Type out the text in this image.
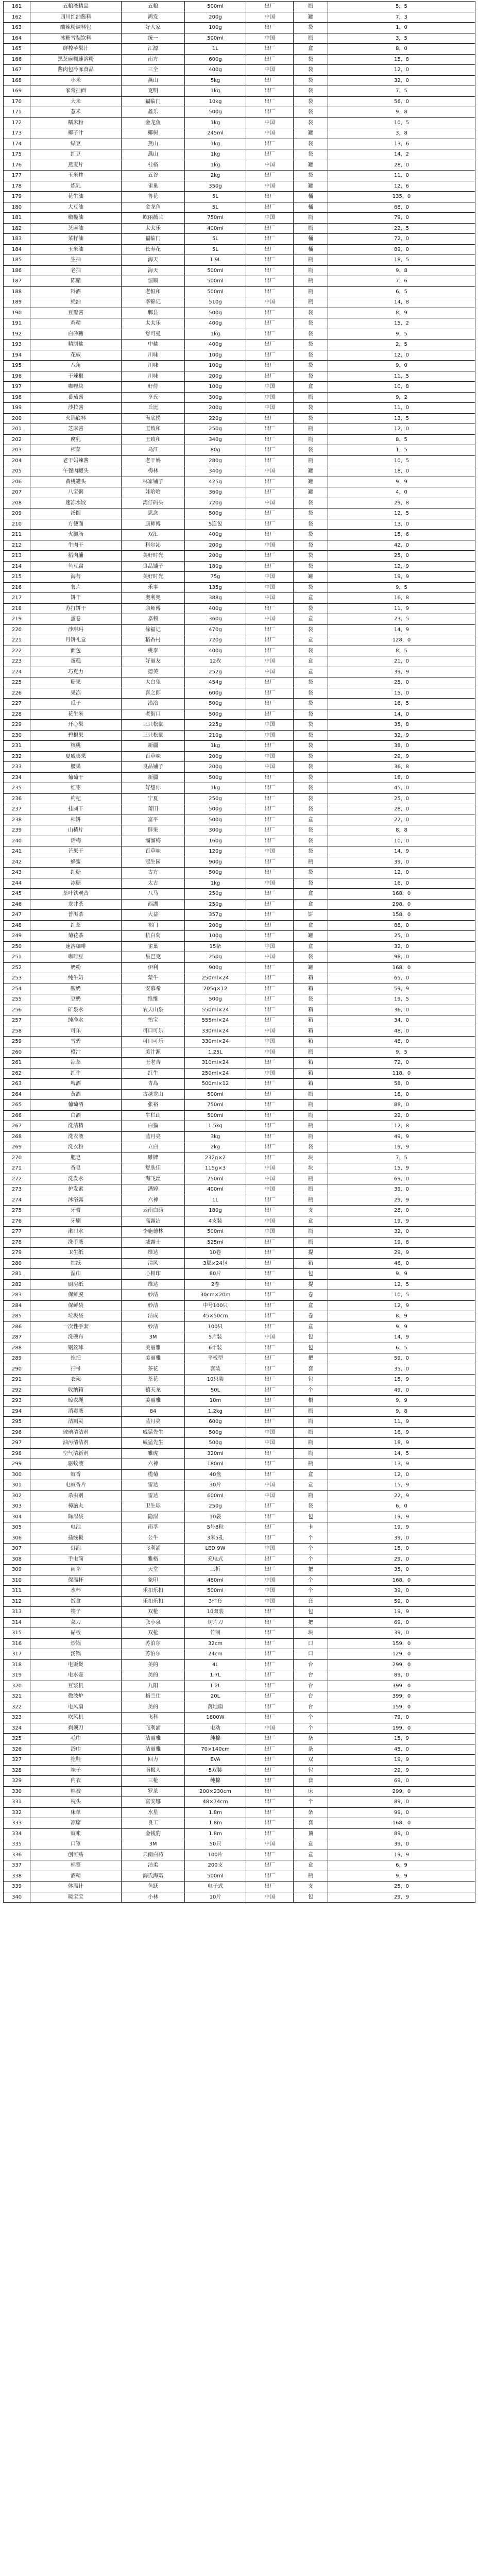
161	五粮液精品	五粮	500ml	出厂	瓶	5，5
162	四川红油酱料	鸿发	200g	中国	罐	7，3
163	酸辣粉调料包	好人家	100g	出厂	袋	1，0
164	冰糖雪梨饮料	统一	500ml	中国	瓶	3，5
165	鲜榨苹果汁	汇源	1L	出厂	盒	8，0
166	黑芝麻糊速溶粉	南方	600g	出厂	袋	15，8
167	酱肉包冷冻食品	三全	400g	中国	袋	12，0
168	小米	燕山	5kg	出厂	袋	32，0
169	家常挂面	克明	1kg	出厂	袋	7，5
170	大米	福临门	10kg	出厂	袋	56，0
171	薏米	鑫乐	500g	出厂	袋	9，8
172	糯米粉	金龙鱼	1kg	中国	袋	10，5
173	椰子汁	椰树	245ml	中国	罐	3，8
174	绿豆	燕山	1kg	出厂	袋	13，6
175	红豆	燕山	1kg	出厂	袋	14，2
176	燕麦片	桂格	1kg	中国	罐	28，0
177	玉米糁	五谷	2kg	出厂	袋	11，0
178	炼乳	雀巢	350g	中国	罐	12，6
179	花生油	鲁花	5L	出厂	桶	135，0
180	大豆油	金龙鱼	5L	出厂	桶	68，0
181	橄榄油	欧丽薇兰	750ml	中国	瓶	79，0
182	芝麻油	太太乐	400ml	出厂	瓶	22，5
183	菜籽油	福临门	5L	出厂	桶	72，0
184	玉米油	长寿花	5L	出厂	桶	89，0
185	生抽	海天	1.9L	出厂	瓶	18，5
186	老抽	海天	500ml	出厂	瓶	9，8
187	陈醋	恒顺	500ml	出厂	瓶	7，6
188	料酒	老恒和	500ml	出厂	瓶	6，5
189	蚝油	李锦记	510g	中国	瓶	14，8
190	豆瓣酱	郫县	500g	出厂	袋	8，9
191	鸡精	太太乐	400g	出厂	袋	15，2
192	白砂糖	舒可曼	1kg	出厂	袋	9，5
193	精制盐	中盐	400g	出厂	袋	2，5
194	花椒	川味	100g	出厂	袋	12，0
195	八角	川味	100g	出厂	袋	9，0
196	干辣椒	川味	200g	出厂	袋	11，5
197	咖喱块	好侍	100g	中国	盒	10，8
198	番茄酱	亨氏	300g	中国	瓶	9，2
199	沙拉酱	丘比	200g	中国	袋	11，0
200	火锅底料	海底捞	220g	出厂	袋	13，5
201	芝麻酱	王致和	250g	出厂	瓶	12，0
202	腐乳	王致和	340g	出厂	瓶	8，5
203	榨菜	乌江	80g	出厂	袋	1，5
204	老干妈辣酱	老干妈	280g	出厂	瓶	10，5
205	午餐肉罐头	梅林	340g	中国	罐	18，0
206	黄桃罐头	林家铺子	425g	出厂	罐	9，9
207	八宝粥	娃哈哈	360g	出厂	罐	4，0
208	速冻水饺	湾仔码头	720g	中国	袋	29，8
209	汤圆	思念	500g	出厂	袋	12，5
210	方便面	康师傅	5连包	出厂	袋	13，0
211	火腿肠	双汇	400g	出厂	袋	15，6
212	牛肉干	科尔沁	200g	中国	袋	42，0
213	猪肉脯	美好时光	200g	出厂	袋	25，0
214	鱼豆腐	良品铺子	180g	出厂	袋	12，9
215	海苔	美好时光	75g	中国	罐	19，9
216	薯片	乐事	135g	中国	袋	9，5
217	饼干	奥利奥	388g	中国	盒	16，8
218	苏打饼干	康师傅	400g	出厂	袋	11，9
219	蛋卷	嘉顿	360g	中国	盒	23，5
220	沙琪玛	徐福记	470g	出厂	袋	14，9
221	月饼礼盒	稻香村	720g	出厂	盒	128，0
222	面包	桃李	400g	出厂	袋	8，5
223	蛋糕	好丽友	12枚	中国	盒	21，0
224	巧克力	德芙	252g	中国	盒	39，9
225	糖果	大白兔	454g	出厂	袋	25，0
226	果冻	喜之郎	600g	出厂	袋	15，0
227	瓜子	洽洽	500g	出厂	袋	16，5
228	花生米	老街口	500g	出厂	袋	14，0
229	开心果	三只松鼠	225g	中国	袋	35，8
230	碧根果	三只松鼠	210g	中国	袋	32，9
231	核桃	新疆	1kg	出厂	袋	38，0
232	夏威夷果	百草味	200g	中国	袋	29，9
233	腰果	良品铺子	200g	中国	袋	36，8
234	葡萄干	新疆	500g	出厂	袋	18，0
235	红枣	好想你	1kg	出厂	袋	45，0
236	枸杞	宁夏	250g	出厂	袋	25，0
237	桂圆干	莆田	500g	出厂	袋	28，0
238	柿饼	富平	500g	出厂	盒	22，0
239	山楂片	鲜果	300g	出厂	袋	8，8
240	话梅	溜溜梅	160g	出厂	袋	10，0
241	芒果干	百草味	120g	中国	袋	14，9
242	蜂蜜	冠生园	900g	出厂	瓶	39，0
243	红糖	古方	500g	出厂	袋	12，0
244	冰糖	太古	1kg	中国	袋	16，0
245	茶叶铁观音	八马	250g	出厂	盒	168，0
246	龙井茶	西湖	250g	出厂	盒	298，0
247	普洱茶	大益	357g	出厂	饼	158，0
248	红茶	祁门	200g	出厂	盒	88，0
249	菊花茶	杭白菊	100g	出厂	罐	25，0
250	速溶咖啡	雀巢	15条	中国	盒	32，0
251	咖啡豆	星巴克	250g	中国	袋	98，0
252	奶粉	伊利	900g	出厂	罐	168，0
253	纯牛奶	蒙牛	250ml×24	出厂	箱	65，0
254	酸奶	安慕希	205g×12	出厂	箱	59，9
255	豆奶	维维	500g	出厂	袋	19，5
256	矿泉水	农夫山泉	550ml×24	出厂	箱	36，0
257	纯净水	怡宝	555ml×24	出厂	箱	34，0
258	可乐	可口可乐	330ml×24	中国	箱	48，0
259	雪碧	可口可乐	330ml×24	中国	箱	48，0
260	橙汁	美汁源	1.25L	中国	瓶	9，5
261	凉茶	王老吉	310ml×24	出厂	箱	72，0
262	红牛	红牛	250ml×24	中国	箱	118，0
263	啤酒	青岛	500ml×12	出厂	箱	58，0
264	黄酒	古越龙山	500ml	出厂	瓶	18，0
265	葡萄酒	张裕	750ml	出厂	瓶	88，0
266	白酒	牛栏山	500ml	出厂	瓶	22，0
267	洗洁精	白猫	1.5kg	出厂	瓶	12，8
268	洗衣液	蓝月亮	3kg	出厂	瓶	49，9
269	洗衣粉	立白	2kg	出厂	袋	19，9
270	肥皂	雕牌	232g×2	出厂	块	7，5
271	香皂	舒肤佳	115g×3	中国	块	15，9
272	洗发水	海飞丝	750ml	中国	瓶	69，0
273	护发素	潘婷	400ml	中国	瓶	39，0
274	沐浴露	六神	1L	出厂	瓶	29，9
275	牙膏	云南白药	180g	出厂	支	28，0
276	牙刷	高露洁	4支装	中国	盒	19，9
277	漱口水	李施德林	500ml	中国	瓶	32，0
278	洗手液	威露士	525ml	出厂	瓶	19，8
279	卫生纸	维达	10卷	出厂	提	29，9
280	抽纸	清风	3层×24包	出厂	箱	46，0
281	湿巾	心相印	80片	出厂	包	9，9
282	厨房纸	维达	2卷	出厂	提	12，5
283	保鲜膜	妙洁	30cm×20m	出厂	卷	10，5
284	保鲜袋	妙洁	中号100只	出厂	盒	12，9
285	垃圾袋	洁成	45×50cm	出厂	卷	8，9
286	一次性手套	妙洁	100只	出厂	盒	9，9
287	洗碗布	3M	5片装	中国	包	14，9
288	钢丝球	美丽雅	6个装	出厂	包	6，5
289	拖把	美丽雅	平板型	出厂	把	59，0
290	扫帚	茶花	套装	出厂	套	35，0
291	衣架	茶花	10只装	出厂	包	15，9
292	收纳箱	禧天龙	50L	出厂	个	49，0
293	晾衣绳	美丽雅	10m	出厂	根	9，9
294	消毒液	84	1.2kg	出厂	瓶	9，8
295	洁厕灵	蓝月亮	600g	出厂	瓶	11，9
296	玻璃清洁剂	威猛先生	500g	中国	瓶	16，9
297	油污清洁剂	威猛先生	500g	中国	瓶	18，9
298	空气清新剂	雅虎	320ml	出厂	瓶	14，5
299	驱蚊液	六神	180ml	出厂	瓶	13，9
300	蚊香	榄菊	40盘	出厂	盒	12，0
301	电蚊香片	雷达	30片	中国	盒	15，9
302	杀虫剂	雷达	600ml	中国	瓶	22，9
303	樟脑丸	卫生球	250g	出厂	袋	6，0
304	除湿袋	隐湿	10袋	出厂	包	19，9
305	电池	南孚	5号8粒	出厂	卡	19，9
306	插线板	公牛	3米5孔	出厂	个	39，0
307	灯泡	飞利浦	LED 9W	中国	个	15，0
308	手电筒	雅格	充电式	出厂	个	29，0
309	雨伞	天堂	三折	出厂	把	35，0
310	保温杯	象印	480ml	中国	个	168，0
311	水杯	乐扣乐扣	500ml	中国	个	39，0
312	饭盒	乐扣乐扣	3件套	中国	套	59，0
313	筷子	双枪	10双装	出厂	包	19，9
314	菜刀	张小泉	切片刀	出厂	把	69，0
315	砧板	双枪	竹制	出厂	块	39，0
316	炒锅	苏泊尔	32cm	出厂	口	159，0
317	汤锅	苏泊尔	24cm	出厂	口	129，0
318	电饭煲	美的	4L	出厂	台	299，0
319	电水壶	美的	1.7L	出厂	台	89，0
320	豆浆机	九阳	1.2L	出厂	台	399，0
321	微波炉	格兰仕	20L	出厂	台	399，0
322	电风扇	美的	落地扇	出厂	台	159，0
323	吹风机	飞科	1800W	出厂	个	79，0
324	剃须刀	飞利浦	电动	中国	个	199，0
325	毛巾	洁丽雅	纯棉	出厂	条	15，9
326	浴巾	洁丽雅	70×140cm	出厂	条	45，0
327	拖鞋	回力	EVA	出厂	双	19，9
328	袜子	南极人	5双装	出厂	包	29，9
329	内衣	三枪	纯棉	出厂	套	69，0
330	棉被	罗莱	200×230cm	出厂	床	299，0
331	枕头	富安娜	48×74cm	出厂	个	89，0
332	床单	水星	1.8m	出厂	条	99，0
333	凉席	良工	1.8m	出厂	套	168，0
334	蚊帐	金钱豹	1.8m	出厂	顶	89，0
335	口罩	3M	50只	中国	盒	39，0
336	创可贴	云南白药	100片	出厂	盒	19，9
337	棉签	洁柔	200支	出厂	盒	6，9
338	酒精	海氏海诺	500ml	出厂	瓶	9，9
339	体温计	鱼跃	电子式	出厂	支	25，0
340	暖宝宝	小林	10片	中国	包	29，9
